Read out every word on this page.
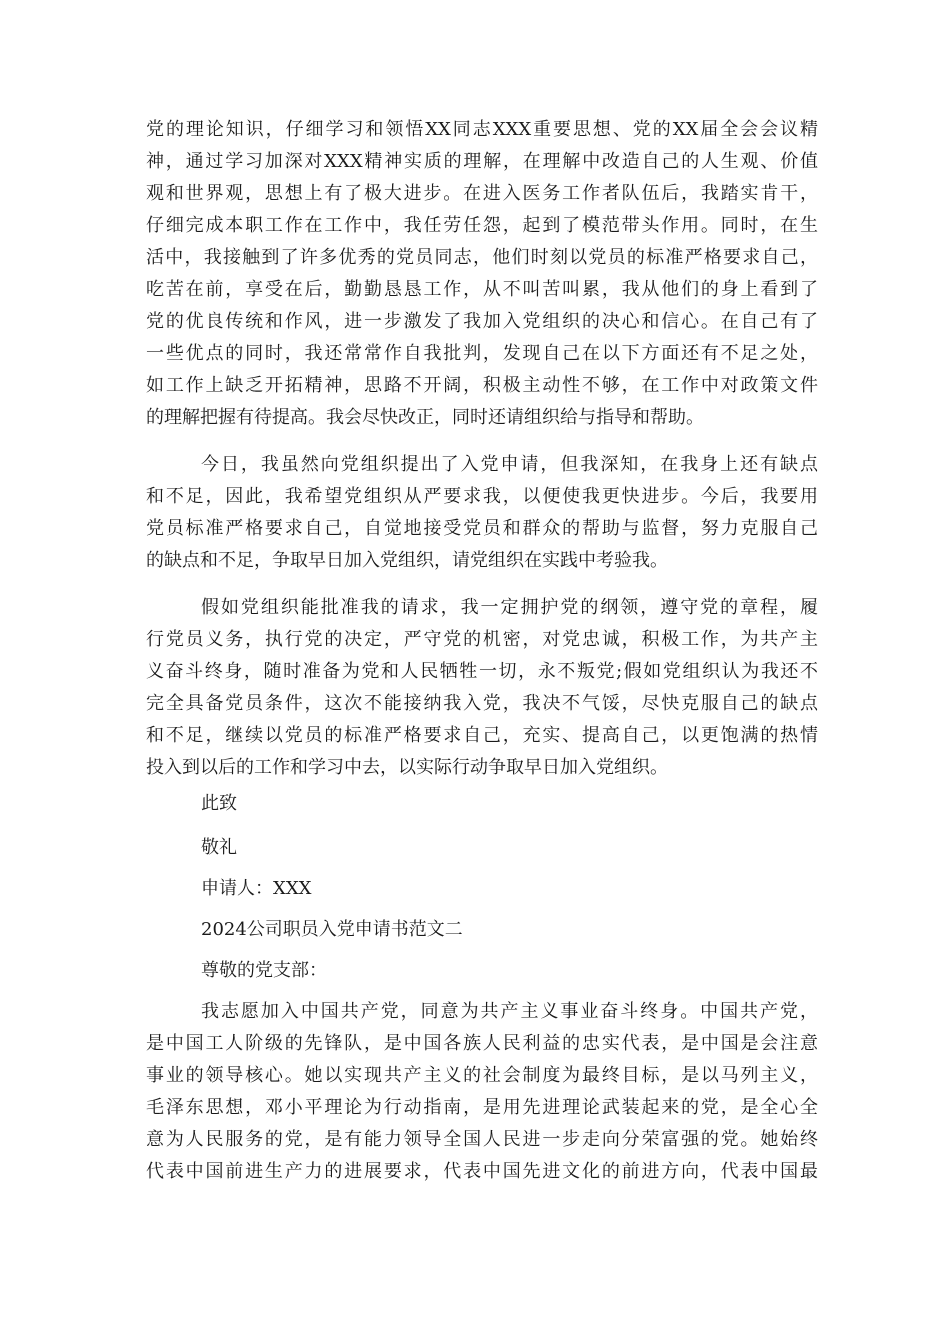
党的理论知识，仔细学习和领悟XX同志XXX重要思想、党的XX届全会会议精
神，通过学习加深对XXX精神实质的理解，在理解中改造自己的人生观、价值
观和世界观，思想上有了极大进步。在进入医务工作者队伍后，我踏实肯干，
仔细完成本职工作在工作中，我任劳任怨，起到了模范带头作用。同时，在生
活中，我接触到了许多优秀的党员同志，他们时刻以党员的标准严格要求自己，
吃苦在前，享受在后，勤勤恳恳工作，从不叫苦叫累，我从他们的身上看到了
党的优良传统和作风，进一步激发了我加入党组织的决心和信心。在自己有了
一些优点的同时，我还常常作自我批判，发现自己在以下方面还有不足之处，
如工作上缺乏开拓精神，思路不开阔，积极主动性不够，在工作中对政策文件
的理解把握有待提高。我会尽快改正，同时还请组织给与指导和帮助。
今日，我虽然向党组织提出了入党申请，但我深知，在我身上还有缺点
和不足，因此，我希望党组织从严要求我，以便使我更快进步。今后，我要用
党员标准严格要求自己，自觉地接受党员和群众的帮助与监督，努力克服自己
的缺点和不足，争取早日加入党组织，请党组织在实践中考验我。
假如党组织能批准我的请求，我一定拥护党的纲领，遵守党的章程，履
行党员义务，执行党的决定，严守党的机密，对党忠诚，积极工作，为共产主
义奋斗终身，随时准备为党和人民牺牲一切，永不叛党;假如党组织认为我还不
完全具备党员条件，这次不能接纳我入党，我决不气馁，尽快克服自己的缺点
和不足，继续以党员的标准严格要求自己，充实、提高自己，以更饱满的热情
投入到以后的工作和学习中去，以实际行动争取早日加入党组织。
此致
敬礼
申请人：XXX
2024公司职员入党申请书范文二
尊敬的党支部：
我志愿加入中国共产党，同意为共产主义事业奋斗终身。中国共产党，
是中国工人阶级的先锋队，是中国各族人民利益的忠实代表，是中国是会注意
事业的领导核心。她以实现共产主义的社会制度为最终目标，是以马列主义，
毛泽东思想，邓小平理论为行动指南，是用先进理论武装起来的党，是全心全
意为人民服务的党，是有能力领导全国人民进一步走向分荣富强的党。她始终
代表中国前进生产力的进展要求，代表中国先进文化的前进方向，代表中国最
